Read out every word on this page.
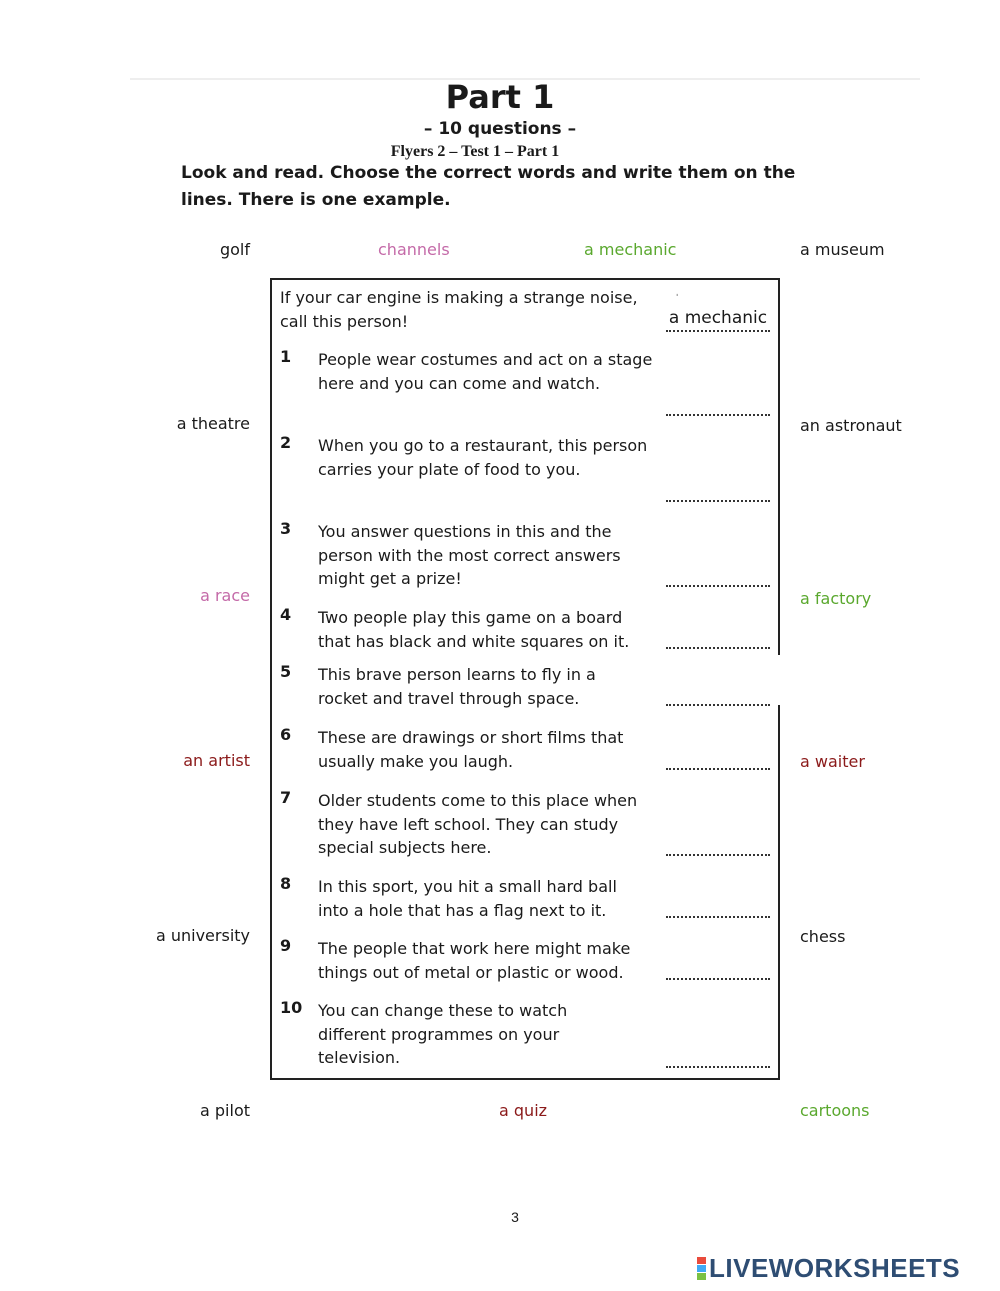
Part 1
– 10 questions –
Flyers 2 – Test 1 – Part 1
Look and read. Choose the correct words and write them on the lines. There is one example.
golf	channels	a mechanic	a museum
a theatre	an astronaut
a race	a factory
an artist	a waiter
a university	chess
a pilot	a quiz	cartoons
If your car engine is making a strange noise, call this person!
ˈ
a mechanic
1	People wear costumes and act on a stage here and you can come and watch.
2	When you go to a restaurant, this person carries your plate of food to you.
3	You answer questions in this and the person with the most correct answers might get a prize!
4	Two people play this game on a board that has black and white squares on it.
5	This brave person learns to fly in a rocket and travel through space.
6	These are drawings or short films that usually make you laugh.
7	Older students come to this place when they have left school. They can study special subjects here.
8	In this sport, you hit a small hard ball into a hole that has a flag next to it.
9	The people that work here might make things out of metal or plastic or wood.
10 You can change these to watch different programmes on your television.
3
LIVEWORKSHEETS
